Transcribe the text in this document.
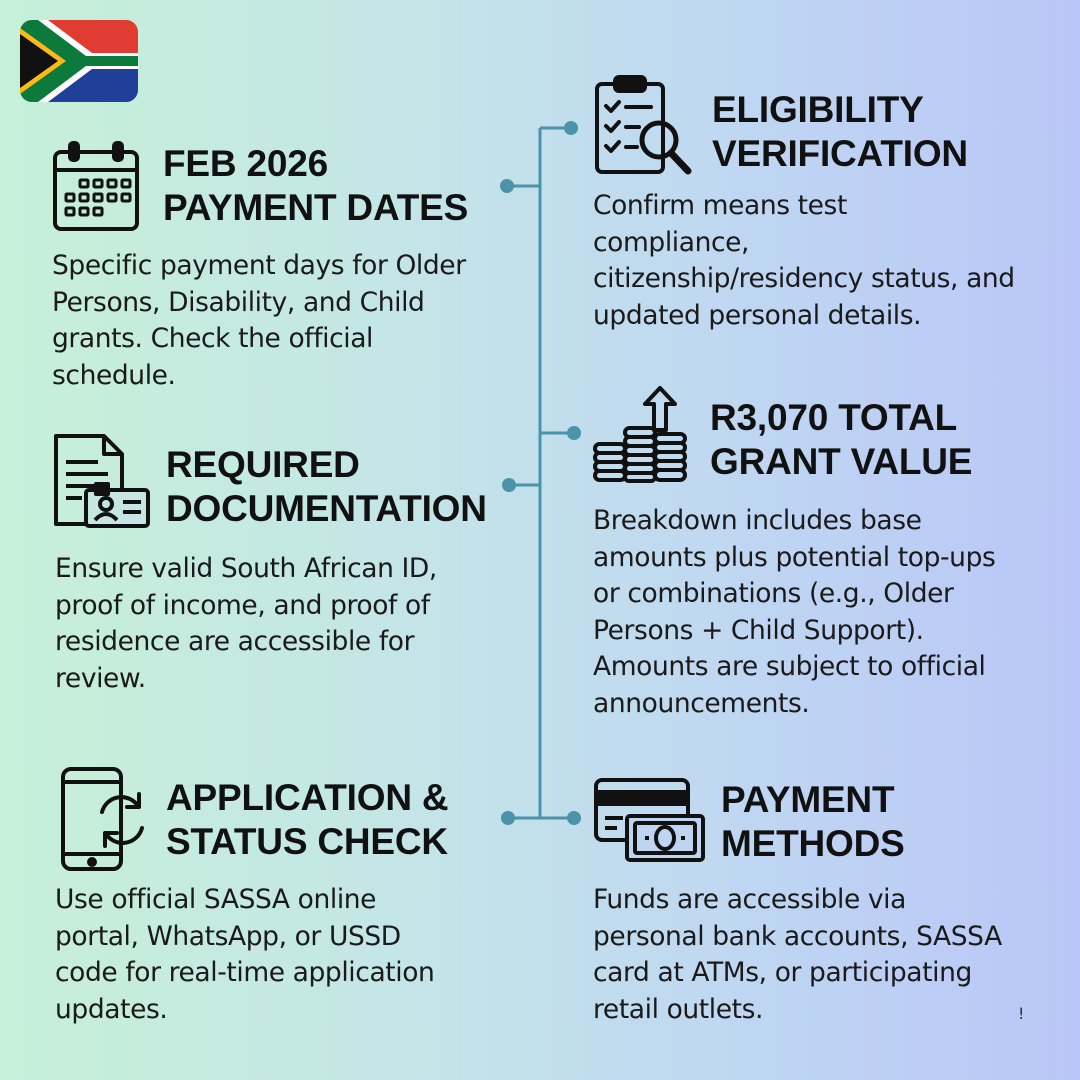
FEB 2026
PAYMENT DATES

Specific payment days for Older
Persons, Disability, and Child
grants. Check the official
schedule.

ELIGIBILITY
VERIFICATION

Confirm means test
compliance,
citizenship/residency status, and
updated personal details.

REQUIRED
DOCUMENTATION

Ensure valid South African ID,
proof of income, and proof of
residence are accessible for
review.

R3,070 TOTAL
GRANT VALUE

Breakdown includes base
amounts plus potential top-ups
or combinations (e.g., Older
Persons + Child Support).
Amounts are subject to official
announcements.

APPLICATION &
STATUS CHECK

Use official SASSA online
portal, WhatsApp, or USSD
code for real-time application
updates.

PAYMENT
METHODS

Funds are accessible via
personal bank accounts, SASSA
card at ATMs, or participating
retail outlets.	!
